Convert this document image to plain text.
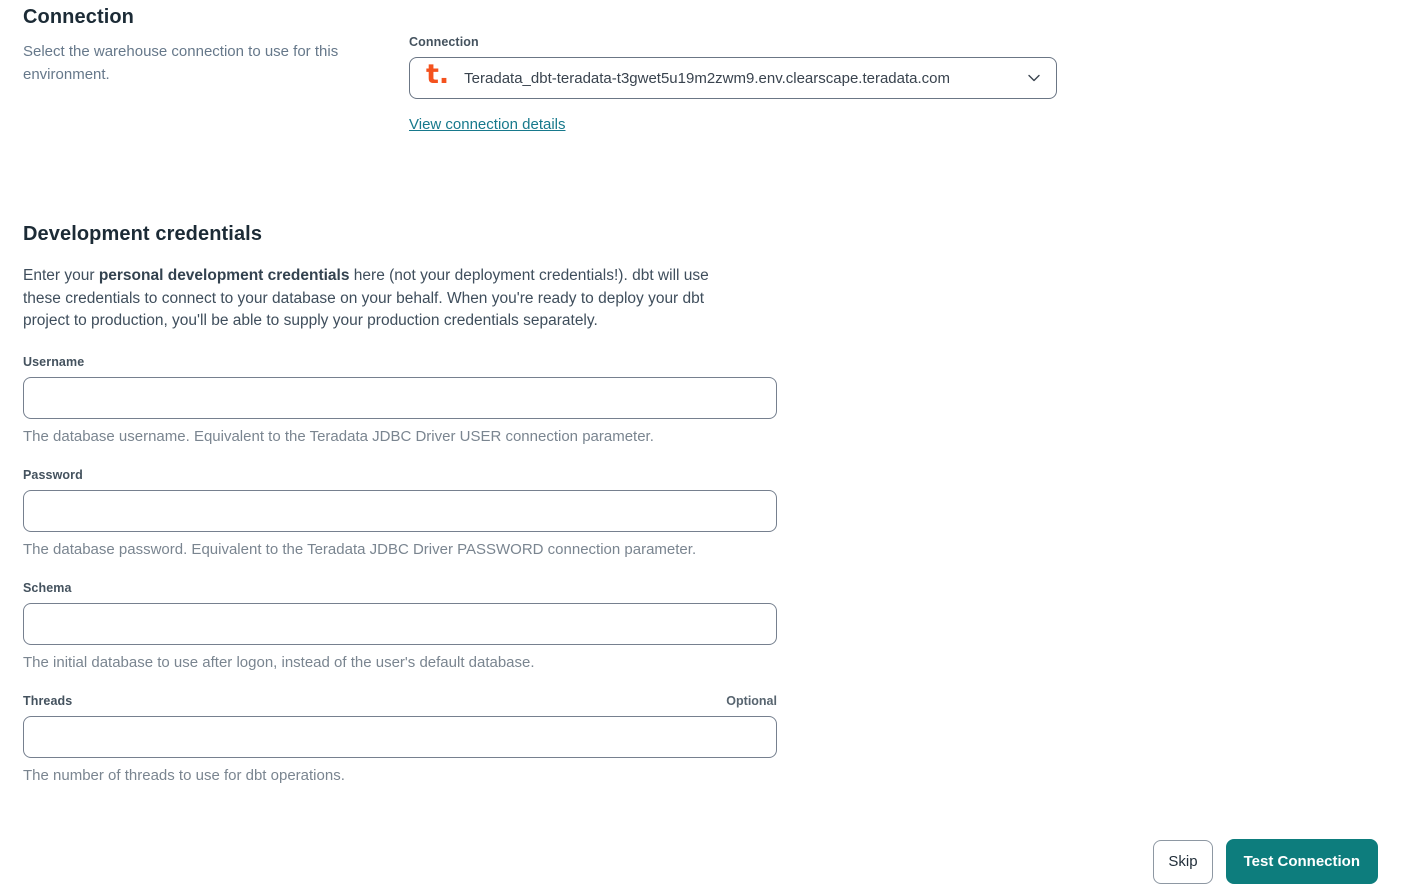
Connection

Select the warehouse connection to use for this environment.

Connection
t. Teradata_dbt-teradata-t3gwet5u19m2zwm9.env.clearscape.teradata.com
View connection details
Development credentials

Enter your personal development credentials here (not your deployment credentials!). dbt will use these credentials to connect to your database on your behalf. When you're ready to deploy your dbt project to production, you'll be able to supply your production credentials separately.

Username
The database username. Equivalent to the Teradata JDBC Driver USER connection parameter.
Password
The database password. Equivalent to the Teradata JDBC Driver PASSWORD connection parameter.
Schema
The initial database to use after logon, instead of the user's default database.
Threads	Optional
The number of threads to use for dbt operations.
Skip	Test Connection
